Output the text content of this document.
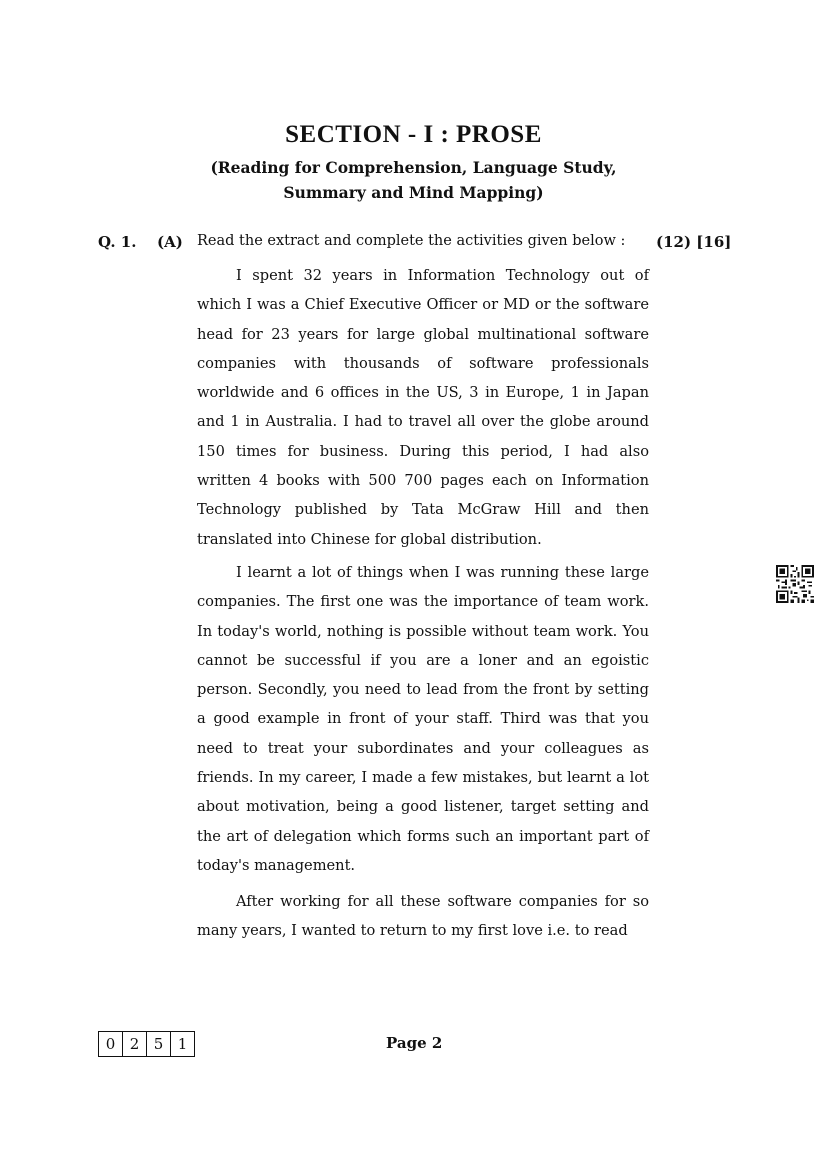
SECTION - I : PROSE
(Reading for Comprehension, Language Study,
Summary and Mind Mapping)
Q. 1. (A) Read the extract and complete the activities given below : (12) [16]

I spent 32 years in Information Technology out of which I was a Chief Executive Officer or MD or the software head for 23 years for large global multinational software companies with thousands of software professionals worldwide and 6 offices in the US, 3 in Europe, 1 in Japan and 1 in Australia. I had to travel all over the globe around 150 times for business. During this period, I had also written 4 books with 500 700 pages each on Information Technology published by Tata McGraw Hill and then translated into Chinese for global distribution.

I learnt a lot of things when I was running these large companies. The first one was the importance of team work. In today's world, nothing is possible without team work. You cannot be successful if you are a loner and an egoistic person. Secondly, you need to lead from the front by setting a good example in front of your staff. Third was that you need to treat your subordinates and your colleagues as friends. In my career, I made a few mistakes, but learnt a lot about motivation, being a good listener, target setting and the art of delegation which forms such an important part of today's management.

After working for all these software companies for so many years, I wanted to return to my first love i.e. to read

0 2 5 1	Page 2
